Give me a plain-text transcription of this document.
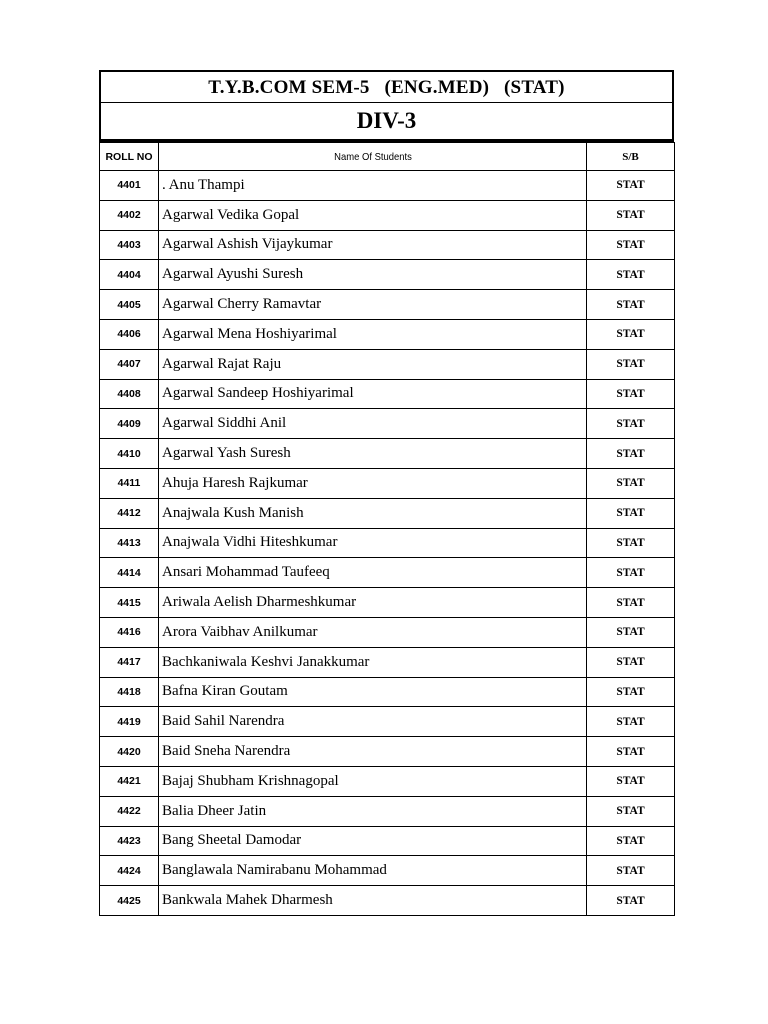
T.Y.B.COM SEM-5   (ENG.MED)   (STAT)
DIV-3
ROLL NO	Name Of Students	S/B
4401	. Anu Thampi	STAT
4402	Agarwal Vedika Gopal	STAT
4403	Agarwal Ashish Vijaykumar	STAT
4404	Agarwal Ayushi Suresh	STAT
4405	Agarwal Cherry Ramavtar	STAT
4406	Agarwal Mena Hoshiyarimal	STAT
4407	Agarwal Rajat Raju	STAT
4408	Agarwal Sandeep Hoshiyarimal	STAT
4409	Agarwal Siddhi Anil	STAT
4410	Agarwal Yash Suresh	STAT
4411	Ahuja Haresh Rajkumar	STAT
4412	Anajwala Kush Manish	STAT
4413	Anajwala Vidhi Hiteshkumar	STAT
4414	Ansari Mohammad Taufeeq	STAT
4415	Ariwala Aelish Dharmeshkumar	STAT
4416	Arora Vaibhav Anilkumar	STAT
4417	Bachkaniwala Keshvi Janakkumar	STAT
4418	Bafna Kiran Goutam	STAT
4419	Baid Sahil Narendra	STAT
4420	Baid Sneha Narendra	STAT
4421	Bajaj Shubham Krishnagopal	STAT
4422	Balia Dheer Jatin	STAT
4423	Bang Sheetal Damodar	STAT
4424	Banglawala Namirabanu Mohammad	STAT
4425	Bankwala Mahek Dharmesh	STAT
